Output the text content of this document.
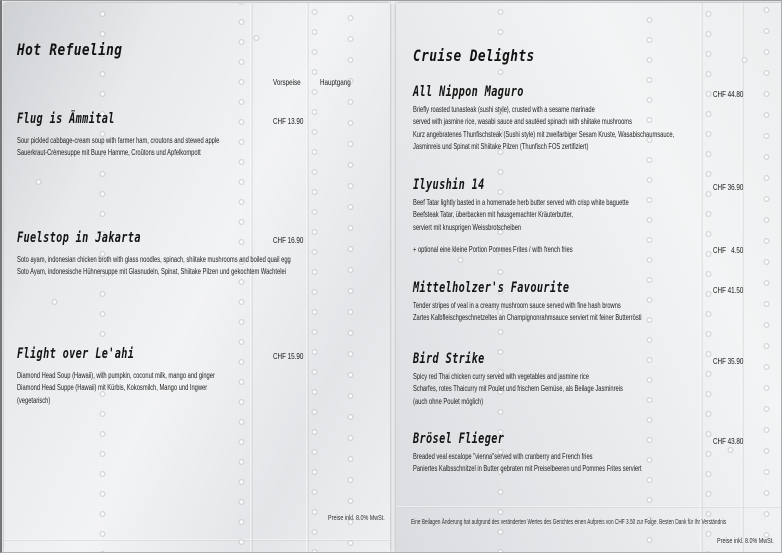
Hot Refueling
Vorspeise Hauptgang
Flug is Ämmital	CHF 13.90
Sour pickled cabbage-cream soup with farmer ham, croutons and stewed apple
Sauerkraut-Crèmesuppe mit Buure Hamme, Croûtons und Apfelkompott
Fuelstop in Jakarta	CHF 16.90
Soto ayam, indonesian chicken broth with glass noodles, spinach, shiitake mushrooms and boiled quail egg
Soto Ayam, indonesische Hühnersuppe mit Glasnudeln, Spinat, Shiitake Pilzen und gekochtem Wachtelei
Flight over Le'ahi	CHF 15.90
Diamond Head Soup (Hawaii), with pumpkin, coconut milk, mango and ginger
Diamond Head Suppe (Hawaii) mit Kürbis, Kokosmilch, Mango und Ingwer
(vegetarisch)
Preise inkl. 8.0% MwSt.
Cruise Delights
All Nippon Maguro	CHF 44.80
Briefly roasted tunasteak (sushi style), crusted with a sesame marinade
served with jasmine rice, wasabi sauce and sautéed spinach with shiitake mushrooms
Kurz angebratenes Thunfischsteak (Sushi style) mit zweifarbiger Sesam Kruste, Wasabischaumsauce,
Jasminreis und Spinat mit Shiitake Pilzen (Thunfisch FOS zertifiziert)
Ilyushin 14	CHF 36.90
Beef Tatar lightly basted in a homemade herb butter served with crisp white baguette
Beefsteak Tatar, überbacken mit hausgemachter Kräuterbutter,
serviert mit knusprigen Weissbrotscheiben
+ optional eine kleine Portion Pommes Frites / with french fries	CHF   4.50
Mittelholzer's Favourite	CHF 41.50
Tender stripes of veal in a creamy mushroom sauce served with fine hash browns
Zartes Kalbfleischgeschnetzeltes an Champignonrahmsauce serviert mit feiner Butterrösti
Bird Strike	CHF 35.90
Spicy red Thai chicken curry served with vegetables and jasmine rice
Scharfes, rotes Thaicurry mit Poulet und frischem Gemüse, als Beilage Jasminreis
(auch ohne Poulet möglich)
Brösel Flieger	CHF 43.80
Breaded veal escalope "vienna"served with cranberry and French fries
Paniertes Kalbsschnitzel in Butter gebraten mit Preiselbeeren und Pommes Frites serviert
Eine Beilagen Änderung hat aufgrund des veränderten Wertes des Gerichtes einen Aufpreis von CHF 3.50 zur Folge. Besten Dank für Ihr Verständnis
Preise inkl. 8.0% MwSt.
